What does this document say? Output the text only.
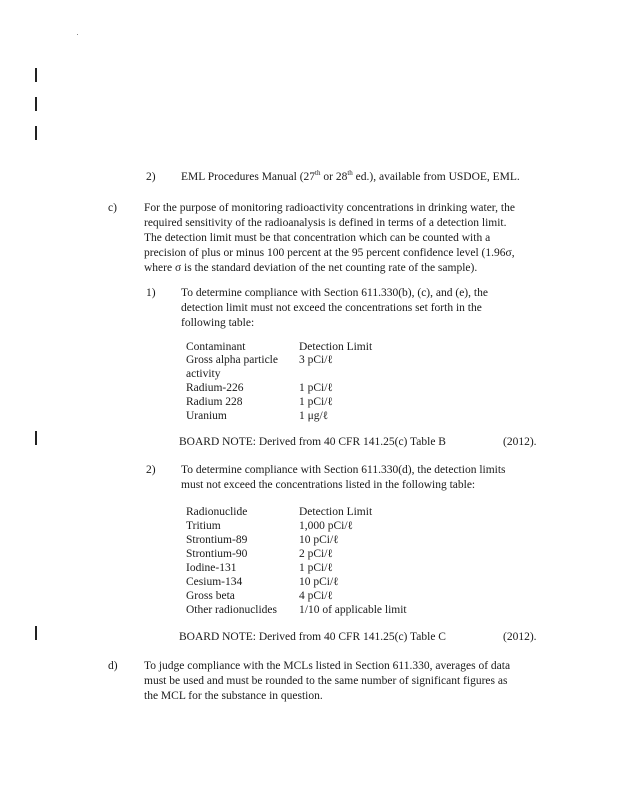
2) EML Procedures Manual (27th or 28th ed.), available from USDOE, EML.
c) For the purpose of monitoring radioactivity concentrations in drinking water, the
required sensitivity of the radioanalysis is defined in terms of a detection limit.
The detection limit must be that concentration which can be counted with a
precision of plus or minus 100 percent at the 95 percent confidence level (1.96σ,
where σ is the standard deviation of the net counting rate of the sample).
1) To determine compliance with Section 611.330(b), (c), and (e), the
detection limit must not exceed the concentrations set forth in the
following table:
Contaminant	Detection Limit
Gross alpha particle 3 pCi/ℓ
activity
Radium-226	1 pCi/ℓ
Radium 228	1 pCi/ℓ
Uranium	1 μg/ℓ
BOARD NOTE: Derived from 40 CFR 141.25(c) Table B	(2012).
2) To determine compliance with Section 611.330(d), the detection limits
must not exceed the concentrations listed in the following table:
Radionuclide	Detection Limit
Tritium	1,000 pCi/ℓ
Strontium-89	10 pCi/ℓ
Strontium-90	2 pCi/ℓ
Iodine-131	1 pCi/ℓ
Cesium-134	10 pCi/ℓ
Gross beta	4 pCi/ℓ
Other radionuclides 1/10 of applicable limit
BOARD NOTE: Derived from 40 CFR 141.25(c) Table C	(2012).
d) To judge compliance with the MCLs listed in Section 611.330, averages of data
must be used and must be rounded to the same number of significant figures as
the MCL for the substance in question.
